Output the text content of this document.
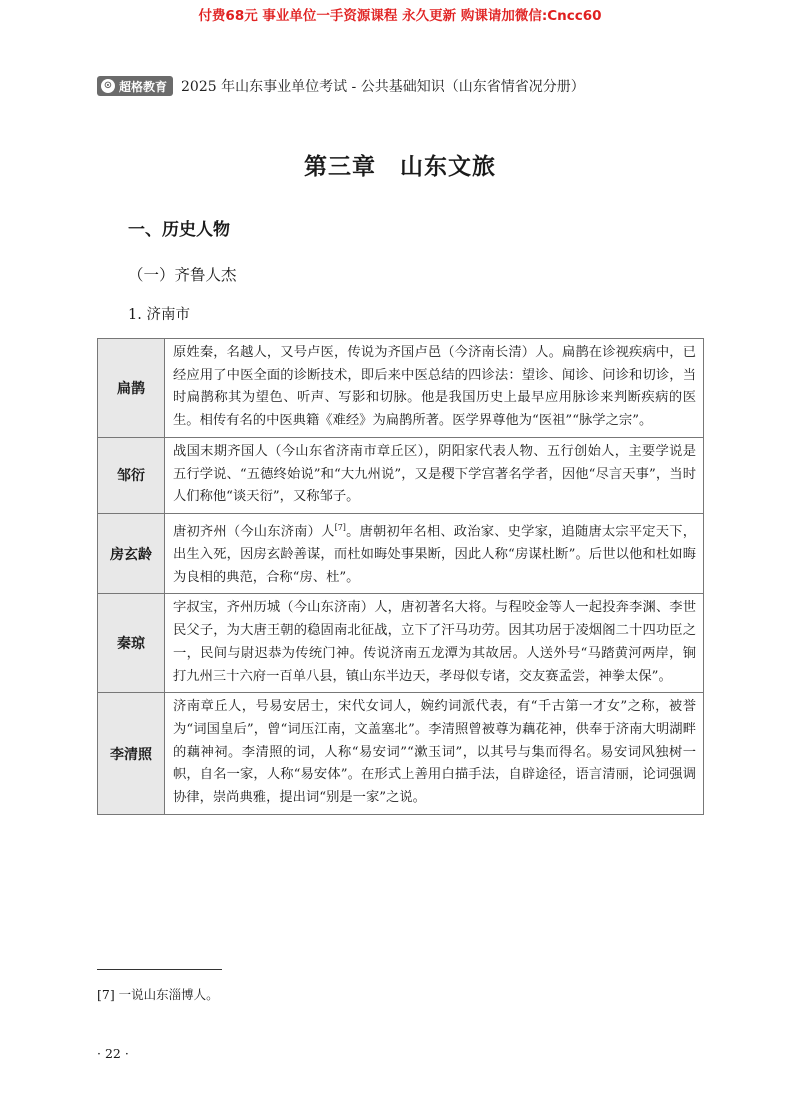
付费68元 事业单位一手资源课程 永久更新 购课请加微信:Cncc60
⊙ 超格教育 2025 年山东事业单位考试 - 公共基础知识（山东省情省况分册）
第三章　山东文旅
一、历史人物
（一）齐鲁人杰
1. 济南市
扁鹊	原姓秦，名越人，又号卢医，传说为齐国卢邑（今济南长清）人。扁鹊在诊视疾病中，已经应用了中医全面的诊断技术，即后来中医总结的四诊法：望诊、闻诊、问诊和切诊，当时扁鹊称其为望色、听声、写影和切脉。他是我国历史上最早应用脉诊来判断疾病的医生。相传有名的中医典籍《难经》为扁鹊所著。医学界尊他为“医祖”“脉学之宗”。
邹衍	战国末期齐国人（今山东省济南市章丘区），阴阳家代表人物、五行创始人，主要学说是五行学说、“五德终始说”和“大九州说”，又是稷下学宫著名学者，因他“尽言天事”，当时人们称他“谈天衍”，又称邹子。
房玄龄	唐初齐州（今山东济南）人[7]。唐朝初年名相、政治家、史学家，追随唐太宗平定天下，出生入死，因房玄龄善谋，而杜如晦处事果断，因此人称“房谋杜断”。后世以他和杜如晦为良相的典范，合称“房、杜”。
秦琼	字叔宝，齐州历城（今山东济南）人，唐初著名大将。与程咬金等人一起投奔李渊、李世民父子，为大唐王朝的稳固南北征战，立下了汗马功劳。因其功居于凌烟阁二十四功臣之一，民间与尉迟恭为传统门神。传说济南五龙潭为其故居。人送外号“马踏黄河两岸，锏打九州三十六府一百单八县，镇山东半边天，孝母似专诸，交友赛孟尝，神拳太保”。
李清照	济南章丘人，号易安居士，宋代女词人，婉约词派代表，有“千古第一才女”之称，被誉为“词国皇后”，曾“词压江南，文盖塞北”。李清照曾被尊为藕花神，供奉于济南大明湖畔的藕神祠。李清照的词，人称“易安词”“漱玉词”，以其号与集而得名。易安词风独树一帜，自名一家，人称“易安体”。在形式上善用白描手法，自辟途径，语言清丽，论词强调协律，崇尚典雅，提出词“别是一家”之说。
[7] 一说山东淄博人。
· 22 ·
